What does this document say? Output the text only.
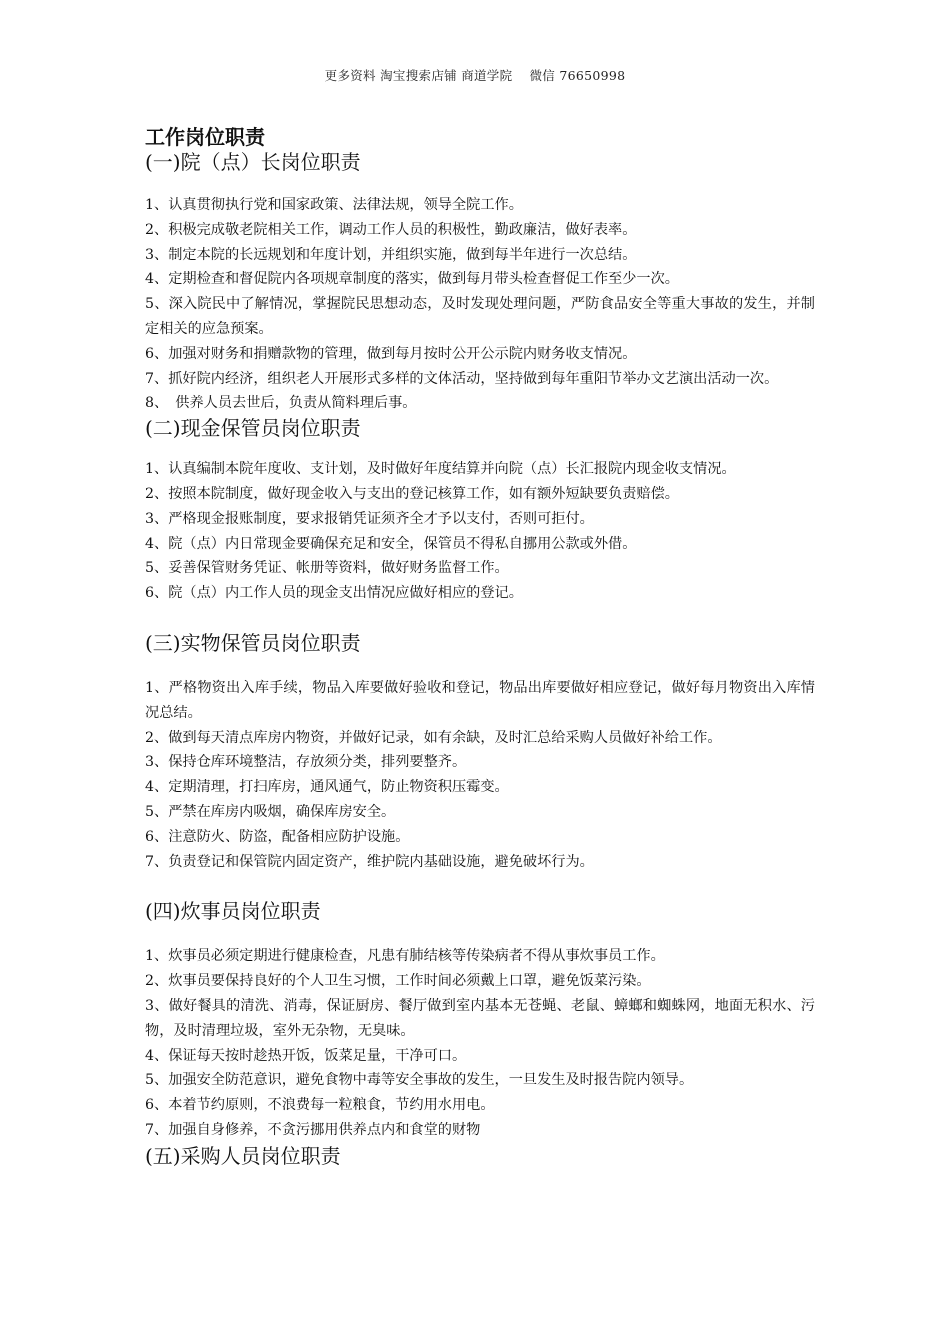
更多资料 淘宝搜索店铺 商道学院　 微信 76650998
工作岗位职责
(一)院（点）长岗位职责
1、认真贯彻执行党和国家政策、法律法规，领导全院工作。
2、积极完成敬老院相关工作，调动工作人员的积极性，勤政廉洁，做好表率。
3、制定本院的长远规划和年度计划，并组织实施，做到每半年进行一次总结。
4、定期检查和督促院内各项规章制度的落实，做到每月带头检查督促工作至少一次。
5、深入院民中了解情况，掌握院民思想动态，及时发现处理问题，严防食品安全等重大事故的发生，并制定相关的应急预案。
6、加强对财务和捐赠款物的管理，做到每月按时公开公示院内财务收支情况。
7、抓好院内经济，组织老人开展形式多样的文体活动，坚持做到每年重阳节举办文艺演出活动一次。
8、　供养人员去世后，负责从简料理后事。
(二)现金保管员岗位职责
1、认真编制本院年度收、支计划，及时做好年度结算并向院（点）长汇报院内现金收支情况。
2、按照本院制度，做好现金收入与支出的登记核算工作，如有额外短缺要负责赔偿。
3、严格现金报账制度，要求报销凭证须齐全才予以支付，否则可拒付。
4、院（点）内日常现金要确保充足和安全，保管员不得私自挪用公款或外借。
5、妥善保管财务凭证、帐册等资料，做好财务监督工作。
6、院（点）内工作人员的现金支出情况应做好相应的登记。
(三)实物保管员岗位职责
1、严格物资出入库手续，物品入库要做好验收和登记，物品出库要做好相应登记，做好每月物资出入库情况总结。
2、做到每天清点库房内物资，并做好记录，如有余缺，及时汇总给采购人员做好补给工作。
3、保持仓库环境整洁，存放须分类，排列要整齐。
4、定期清理，打扫库房，通风通气，防止物资积压霉变。
5、严禁在库房内吸烟，确保库房安全。
6、注意防火、防盗，配备相应防护设施。
7、负责登记和保管院内固定资产，维护院内基础设施，避免破坏行为。
(四)炊事员岗位职责
1、炊事员必须定期进行健康检查，凡患有肺结核等传染病者不得从事炊事员工作。
2、炊事员要保持良好的个人卫生习惯，工作时间必须戴上口罩，避免饭菜污染。
3、做好餐具的清洗、消毒，保证厨房、餐厅做到室内基本无苍蝇、老鼠、蟑螂和蜘蛛网，地面无积水、污物，及时清理垃圾，室外无杂物，无臭味。
4、保证每天按时趁热开饭，饭菜足量，干净可口。
5、加强安全防范意识，避免食物中毒等安全事故的发生，一旦发生及时报告院内领导。
6、本着节约原则，不浪费每一粒粮食，节约用水用电。
7、加强自身修养，不贪污挪用供养点内和食堂的财物
(五)采购人员岗位职责
